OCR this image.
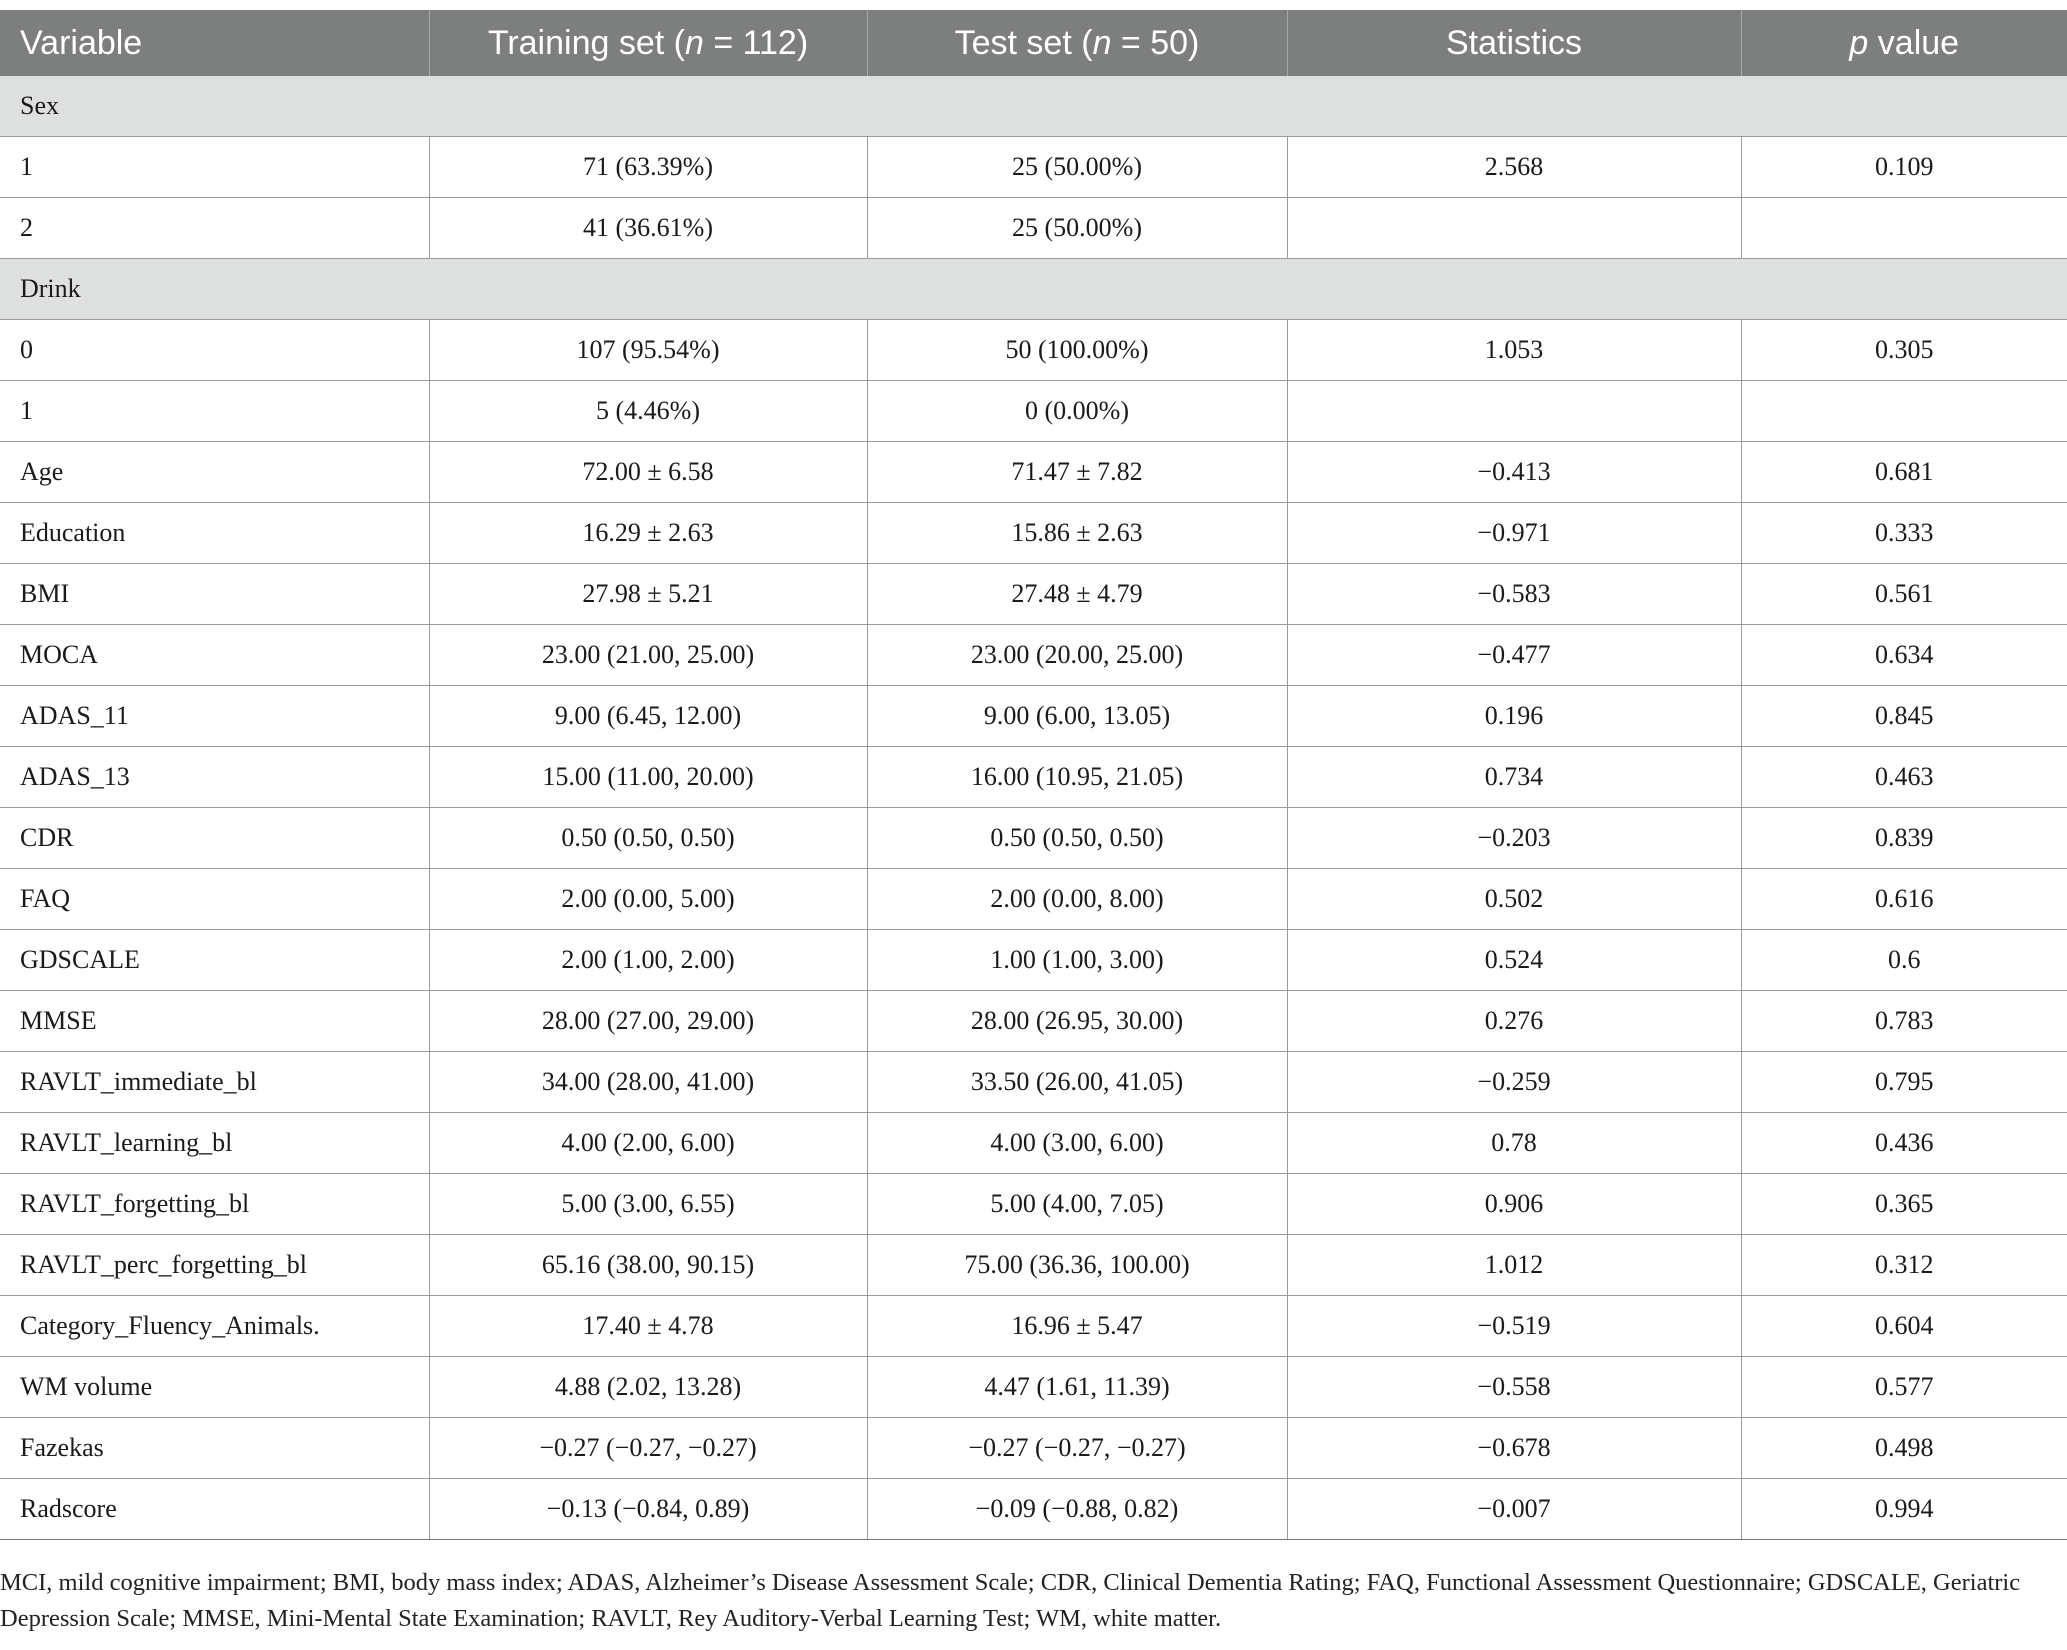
Variable	Training set (n = 112)	Test set (n = 50)	Statistics	p value
Sex				
1	71 (63.39%)	25 (50.00%)	2.568	0.109
2	41 (36.61%)	25 (50.00%)		
Drink				
0	107 (95.54%)	50 (100.00%)	1.053	0.305
1	5 (4.46%)	0 (0.00%)		
Age	72.00 ± 6.58	71.47 ± 7.82	−0.413	0.681
Education	16.29 ± 2.63	15.86 ± 2.63	−0.971	0.333
BMI	27.98 ± 5.21	27.48 ± 4.79	−0.583	0.561
MOCA	23.00 (21.00, 25.00)	23.00 (20.00, 25.00)	−0.477	0.634
ADAS_11	9.00 (6.45, 12.00)	9.00 (6.00, 13.05)	0.196	0.845
ADAS_13	15.00 (11.00, 20.00)	16.00 (10.95, 21.05)	0.734	0.463
CDR	0.50 (0.50, 0.50)	0.50 (0.50, 0.50)	−0.203	0.839
FAQ	2.00 (0.00, 5.00)	2.00 (0.00, 8.00)	0.502	0.616
GDSCALE	2.00 (1.00, 2.00)	1.00 (1.00, 3.00)	0.524	0.6
MMSE	28.00 (27.00, 29.00)	28.00 (26.95, 30.00)	0.276	0.783
RAVLT_immediate_bl	34.00 (28.00, 41.00)	33.50 (26.00, 41.05)	−0.259	0.795
RAVLT_learning_bl	4.00 (2.00, 6.00)	4.00 (3.00, 6.00)	0.78	0.436
RAVLT_forgetting_bl	5.00 (3.00, 6.55)	5.00 (4.00, 7.05)	0.906	0.365
RAVLT_perc_forgetting_bl	65.16 (38.00, 90.15)	75.00 (36.36, 100.00)	1.012	0.312
Category_Fluency_Animals.	17.40 ± 4.78	16.96 ± 5.47	−0.519	0.604
WM volume	4.88 (2.02, 13.28)	4.47 (1.61, 11.39)	−0.558	0.577
Fazekas	−0.27 (−0.27, −0.27)	−0.27 (−0.27, −0.27)	−0.678	0.498
Radscore	−0.13 (−0.84, 0.89)	−0.09 (−0.88, 0.82)	−0.007	0.994
MCI, mild cognitive impairment; BMI, body mass index; ADAS, Alzheimer’s Disease Assessment Scale; CDR, Clinical Dementia Rating; FAQ, Functional Assessment Questionnaire; GDSCALE, Geriatric Depression Scale; MMSE, Mini-Mental State Examination; RAVLT, Rey Auditory-Verbal Learning Test; WM, white matter.
